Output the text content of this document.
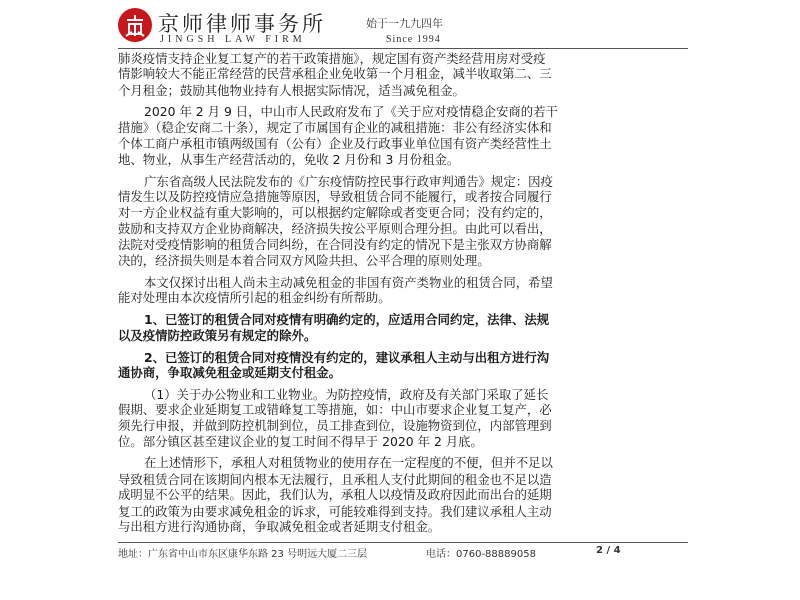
京师律师事务所
JINGSH LAW FIRM
始于一九九四年
Since 1994
肺炎疫情支持企业复工复产的若干政策措施》，规定国有资产类经营用房对受疫
情影响较大不能正常经营的民营承租企业免收第一个月租金，减半收取第二、三
个月租金；鼓励其他物业持有人根据实际情况，适当减免租金。
2020 年 2 月 9 日，中山市人民政府发布了《关于应对疫情稳企安商的若干
措施》（稳企安商二十条），规定了市属国有企业的减租措施：非公有经济实体和
个体工商户承租市镇两级国有（公有）企业及行政事业单位国有资产类经营性土
地、物业，从事生产经营活动的，免收 2 月份和 3 月份租金。
广东省高级人民法院发布的《广东疫情防控民事行政审判通告》规定：因疫
情发生以及防控疫情应急措施等原因，导致租赁合同不能履行，或者按合同履行
对一方企业权益有重大影响的，可以根据约定解除或者变更合同；没有约定的，
鼓励和支持双方企业协商解决，经济损失按公平原则合理分担。由此可以看出，
法院对受疫情影响的租赁合同纠纷，在合同没有约定的情况下是主张双方协商解
决的，经济损失则是本着合同双方风险共担、公平合理的原则处理。
本文仅探讨出租人尚未主动减免租金的非国有资产类物业的租赁合同，希望
能对处理由本次疫情所引起的租金纠纷有所帮助。
1、已签订的租赁合同对疫情有明确约定的，应适用合同约定，法律、法规
以及疫情防控政策另有规定的除外。
2、已签订的租赁合同对疫情没有约定的，建议承租人主动与出租方进行沟
通协商，争取减免租金或延期支付租金。
（1）关于办公物业和工业物业。为防控疫情，政府及有关部门采取了延长
假期、要求企业延期复工或错峰复工等措施，如：中山市要求企业复工复产，必
须先行申报，并做到防控机制到位，员工排查到位，设施物资到位，内部管理到
位。部分镇区甚至建议企业的复工时间不得早于 2020 年 2 月底。
在上述情形下，承租人对租赁物业的使用存在一定程度的不便，但并不足以
导致租赁合同在该期间内根本无法履行，且承租人支付此期间的租金也不足以造
成明显不公平的结果。因此，我们认为，承租人以疫情及政府因此而出台的延期
复工的政策为由要求减免租金的诉求，可能较难得到支持。我们建议承租人主动
与出租方进行沟通协商，争取减免租金或者延期支付租金。
地址：广东省中山市东区康华东路 23 号明远大厦二三层	电话：0760-88889058	2 / 4
